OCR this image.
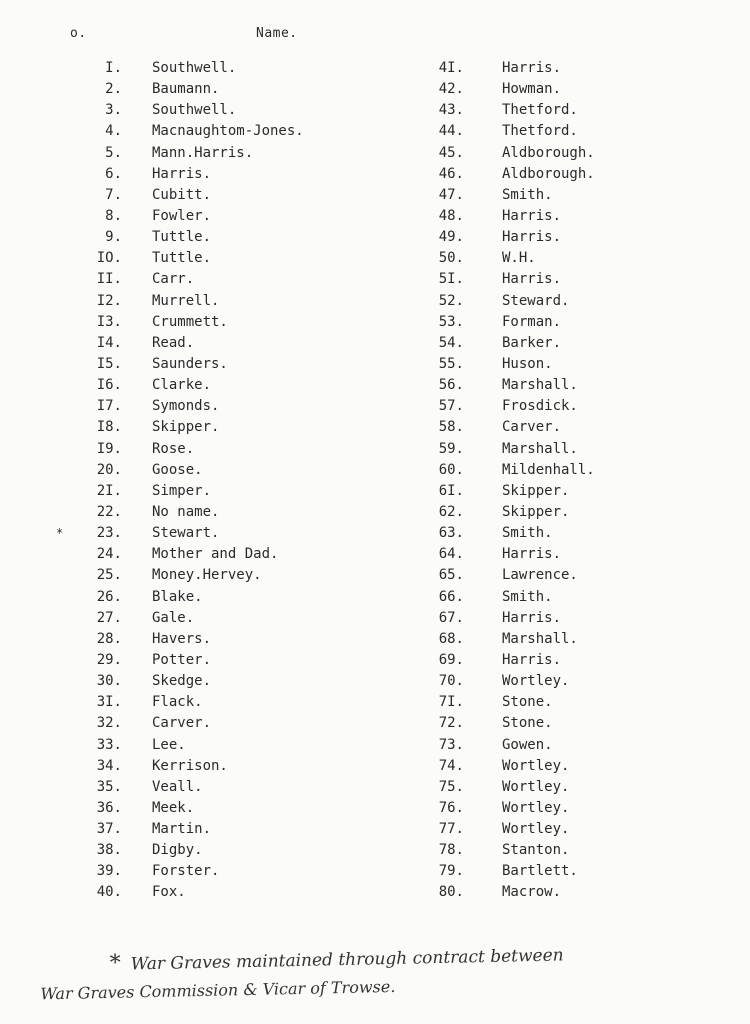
o.	Name.
I. Southwell.
2. Baumann.
3. Southwell.
4. Macnaughtom-Jones.
5. Mann.Harris.
6. Harris.
7. Cubitt.
8. Fowler.
9. Tuttle.
IO. Tuttle.
II. Carr.
I2. Murrell.
I3. Crummett.
I4. Read.
I5. Saunders.
I6. Clarke.
I7. Symonds.
I8. Skipper.
I9. Rose.
20. Goose.
2I. Simper.
22. No name.
*	23. Stewart.
24. Mother and Dad.
25. Money.Hervey.
26. Blake.
27. Gale.
28. Havers.
29. Potter.
30. Skedge.
3I. Flack.
32. Carver.
33. Lee.
34. Kerrison.
35. Veall.
36. Meek.
37. Martin.
38. Digby.
39. Forster.
40. Fox.
4I.	Harris.
42.	Howman.
43.	Thetford.
44.	Thetford.
45.	Aldborough.
46.	Aldborough.
47.	Smith.
48.	Harris.
49.	Harris.
50.	W.H.
5I.	Harris.
52.	Steward.
53.	Forman.
54.	Barker.
55.	Huson.
56.	Marshall.
57.	Frosdick.
58.	Carver.
59.	Marshall.
60.	Mildenhall.
6I.	Skipper.
62.	Skipper.
63.	Smith.
64.	Harris.
65.	Lawrence.
66.	Smith.
67.	Harris.
68.	Marshall.
69.	Harris.
70.	Wortley.
7I.	Stone.
72.	Stone.
73.	Gowen.
74.	Wortley.
75.	Wortley.
76.	Wortley.
77.	Wortley.
78.	Stanton.
79.	Bartlett.
80.	Macrow.
* War Graves maintained through contract between
War Graves Commission & Vicar of Trowse.
